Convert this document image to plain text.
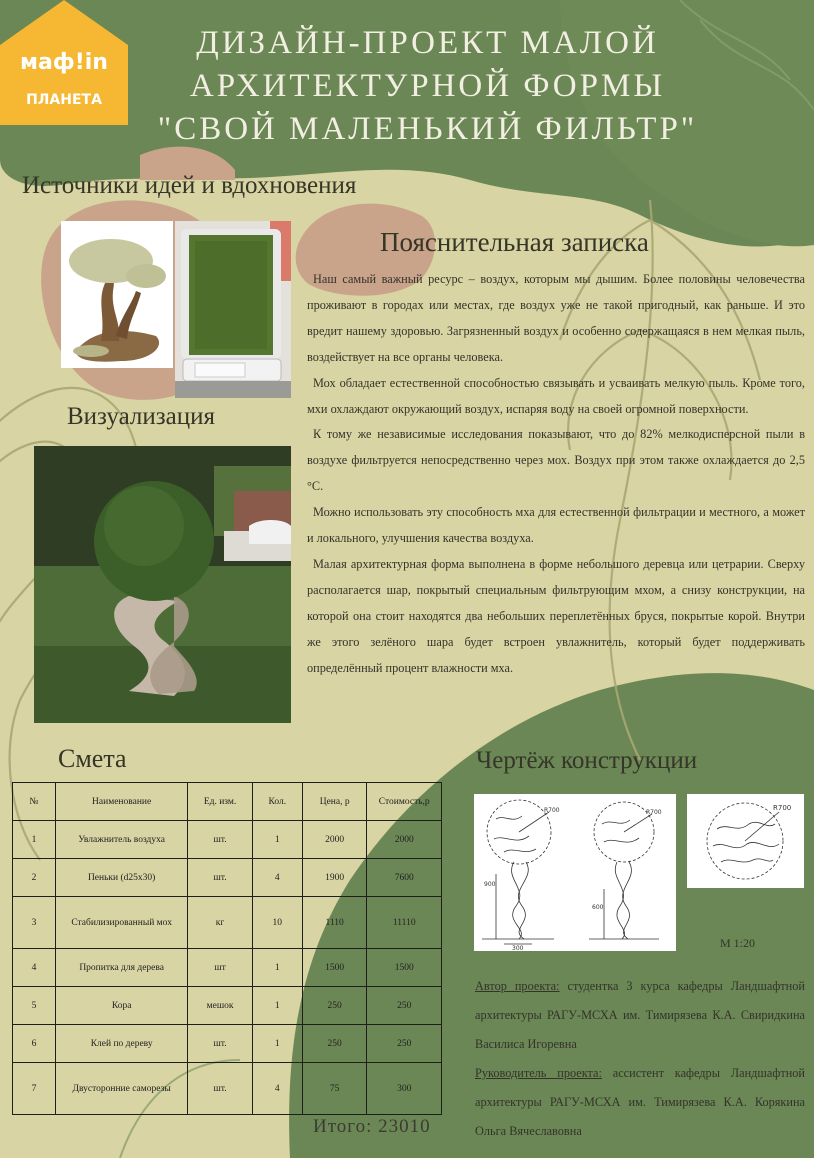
маф!in
ПЛАНЕТА
ДИЗАЙН-ПРОЕКТ МАЛОЙ
АРХИТЕКТУРНОЙ ФОРМЫ
"СВОЙ МАЛЕНЬКИЙ ФИЛЬТР"
Источники идей и вдохновения
Пояснительная записка
Визуализация
Смета	Чертёж конструкции

Наш самый важный ресурс – воздух, которым мы дышим. Более половины человечества проживают в городах или местах, где воздух уже не такой пригодный, как раньше. И это вредит нашему здоровью. Загрязненный воздух и особенно содержащаяся в нем мелкая пыль, воздействует на все органы человека.

Мох обладает естественной способностью связывать и усваивать мелкую пыль. Кроме того, мхи охлаждают окружающий воздух, испаряя воду на своей огромной поверхности.

К тому же независимые исследования показывают, что до 82% мелкодисперсной пыли в воздухе фильтруется непосредственно через мох. Воздух при этом также охлаждается до 2,5 °С.

Можно использовать эту способность мха для естественной фильтрации и местного, а может и локального, улучшения качества воздуха.

Малая архитектурная форма выполнена в форме небольшого деревца или цетрарии. Сверху располагается шар, покрытый специальным фильтрующим мхом, а снизу конструкции, на которой она стоит находятся два небольших переплетённых бруся, покрытые корой. Внутри же этого зелёного шара будет встроен увлажнитель, который будет поддерживать определённый процент влажности мха.

№	Наименование	Ед. изм.	Кол.	Цена, р	Стоимость,р
1	Увлажнитель воздуха	шт.	1	2000	2000
2	Пеньки (d25x30)	шт.	4	1900	7600
3	Стабилизированный мох	кг	10	1110	11110
4	Пропитка для дерева	шт	1	1500	1500
5	Кора	мешок	1	250	250
6	Клей по дереву	шт.	1	250	250
7	Двусторонние саморезы	шт.	4	75	300
Итого: 23010
R700
900
300
R700
600
R700
М 1:20

Автор проекта: студентка 3 курса кафедры Ландшафтной архитектуры РАГУ-МСХА им. Тимирязева К.А. Свиридкина Василиса Игоревна

Руководитель проекта: ассистент кафедры Ландшафтной архитектуры РАГУ-МСХА им. Тимирязева К.А. Корякина Ольга Вячеславовна
